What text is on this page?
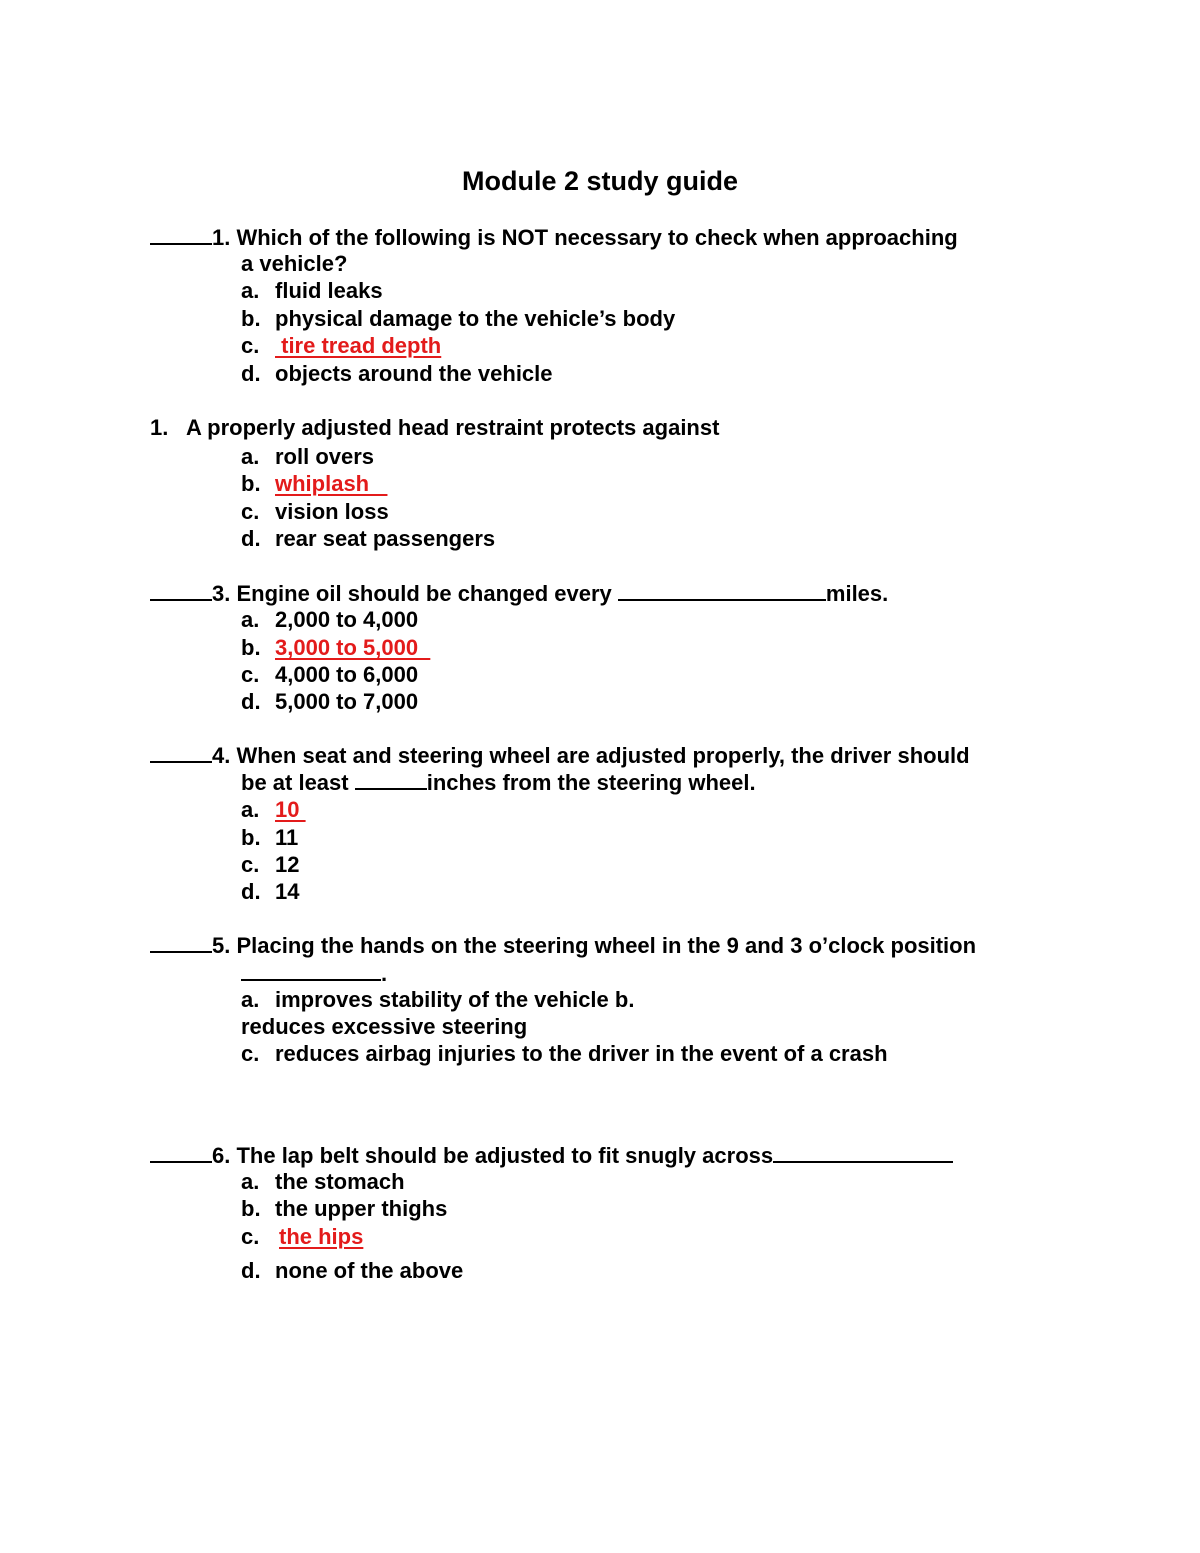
Module 2 study guide
1. Which of the following is NOT necessary to check when approaching
a vehicle?
a. fluid leaks
b. physical damage to the vehicle’s body
c. tire tread depth
d. objects around the vehicle
1. A properly adjusted head restraint protects against
a. roll overs
b. whiplash
c. vision loss
d. rear seat passengers
3. Engine oil should be changed every	miles.
a. 2,000 to 4,000
b. 3,000 to 5,000
c. 4,000 to 6,000
d. 5,000 to 7,000
4. When seat and steering wheel are adjusted properly, the driver should
be at least	inches from the steering wheel.
a. 10
b. 11
c. 12
d. 14
5. Placing the hands on the steering wheel in the 9 and 3 o’clock position
.
a. improves stability of the vehicle b.
reduces excessive steering
c. reduces airbag injuries to the driver in the event of a crash
6. The lap belt should be adjusted to fit snugly across
a. the stomach
b. the upper thighs
c. the hips
d. none of the above
